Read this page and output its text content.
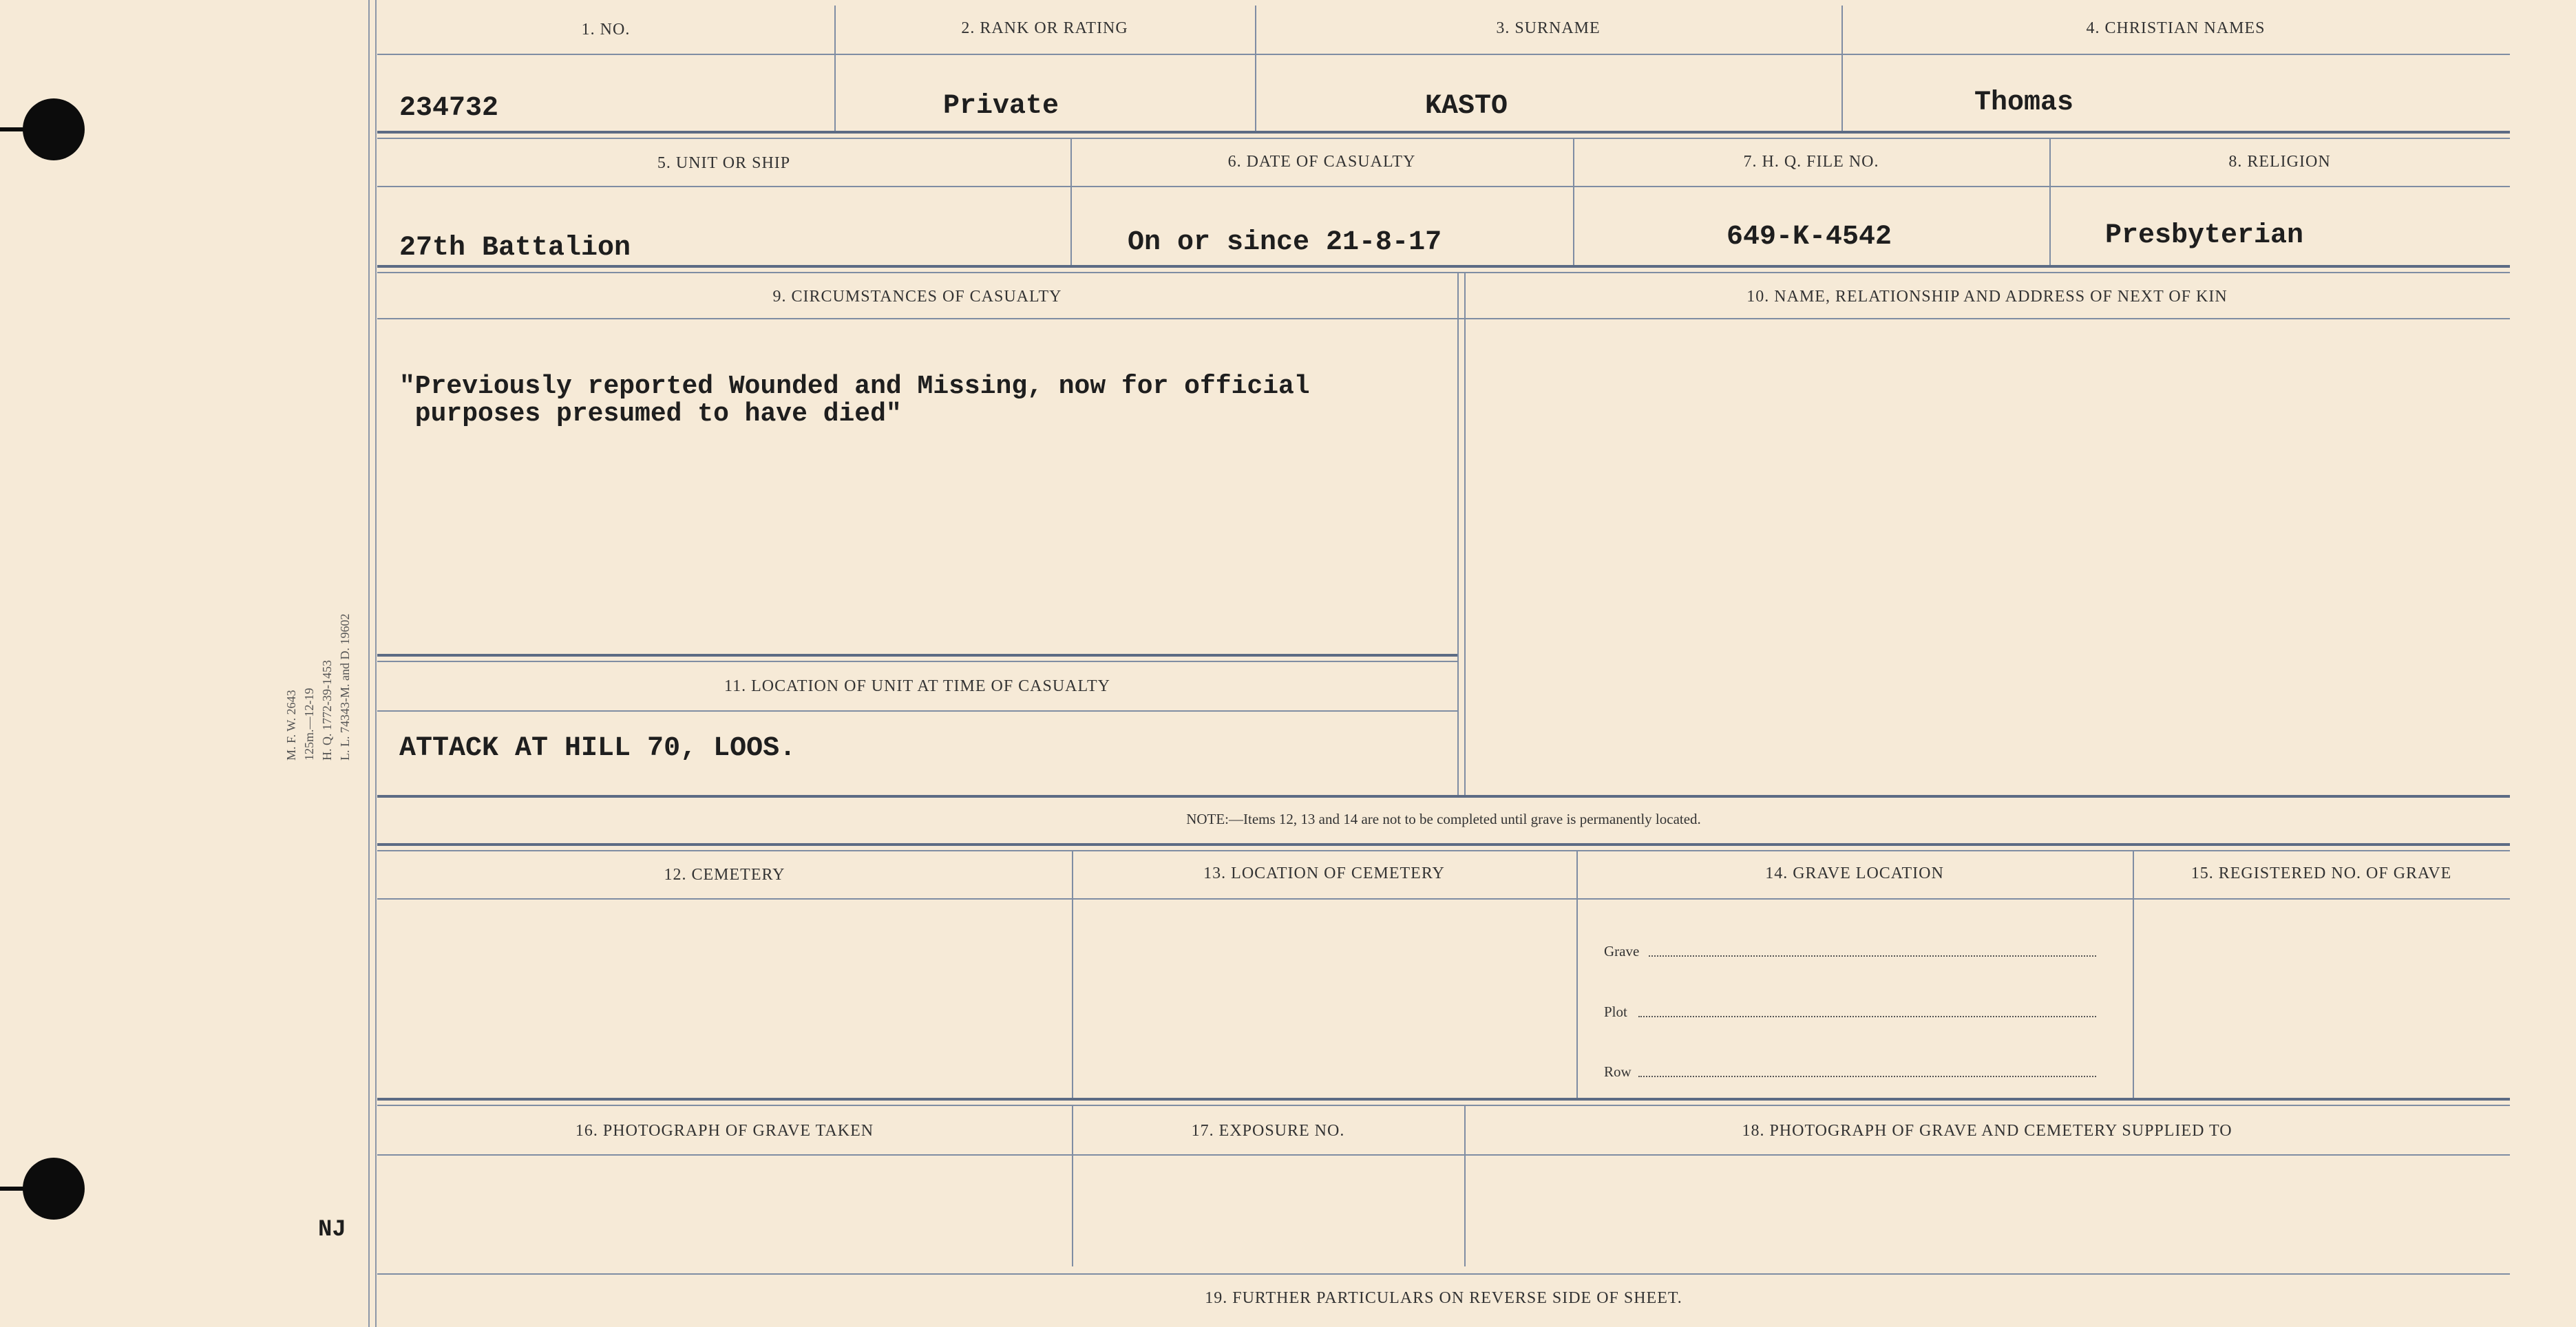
M. F. W. 2643 125m.—12-19 H. Q. 1772-39-1453 L. L. 74343-M. and D. 19602
NJ
1. NO.	2. RANK OR RATING	3. SURNAME	4. CHRISTIAN NAMES
234732	Private	KASTO	Thomas
5. UNIT OR SHIP	6. DATE OF CASUALTY	7. H. Q. FILE NO.	8. RELIGION
27th Battalion	On or since 21-8-17	649-K-4542	Presbyterian
9. CIRCUMSTANCES OF CASUALTY	10. NAME, RELATIONSHIP AND ADDRESS OF NEXT OF KIN
"Previously reported Wounded and Missing, now for official
purposes presumed to have died"
11. LOCATION OF UNIT AT TIME OF CASUALTY
ATTACK AT HILL 70, LOOS.
NOTE:—Items 12, 13 and 14 are not to be completed until grave is permanently located.
12. CEMETERY	13. LOCATION OF CEMETERY	14. GRAVE LOCATION	15. REGISTERED NO. OF GRAVE
Grave
Plot
Row
16. PHOTOGRAPH OF GRAVE TAKEN	17. EXPOSURE NO.	18. PHOTOGRAPH OF GRAVE AND CEMETERY SUPPLIED TO
19. FURTHER PARTICULARS ON REVERSE SIDE OF SHEET.
